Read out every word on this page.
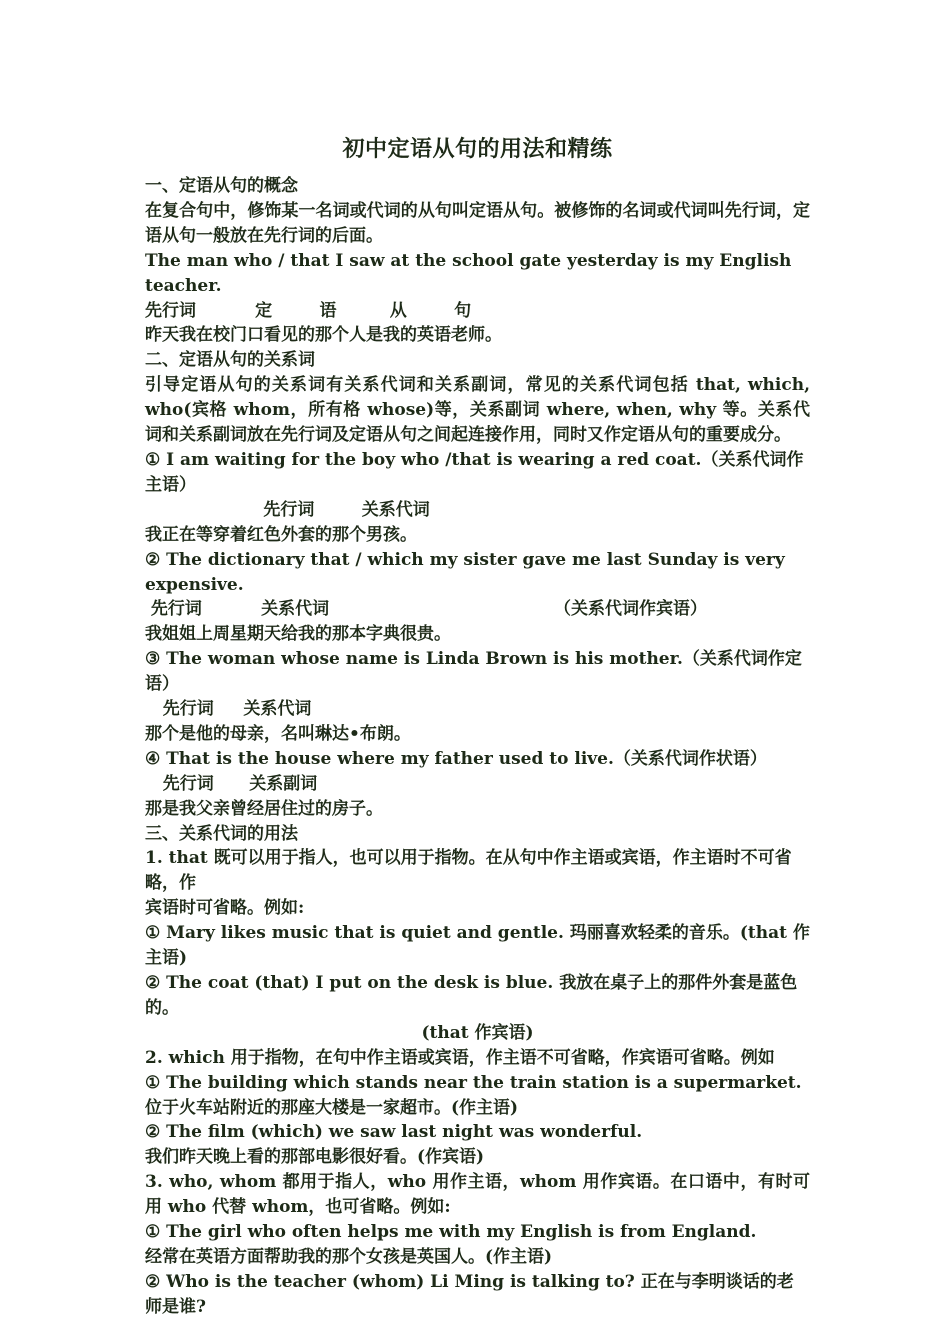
初中定语从句的用法和精练

一、定语从句的概念

在复合句中，修饰某一名词或代词的从句叫定语从句。被修饰的名词或代词叫先行词，定语从句一般放在先行词的后面。

The man who / that I saw at the school gate yesterday is my English teacher.

先行词          定        语         从        句

昨天我在校门口看见的那个人是我的英语老师。

二、定语从句的关系词

引导定语从句的关系词有关系代词和关系副词，常见的关系代词包括 that, which, who(宾格 whom，所有格 whose)等，关系副词 where, when, why 等。关系代词和关系副词放在先行词及定语从句之间起连接作用，同时又作定语从句的重要成分。

① I am waiting for the boy who /that is wearing a red coat.（关系代词作主语）

先行词        关系代词

我正在等穿着红色外套的那个男孩。

② The dictionary that / which my sister gave me last Sunday is very expensive.

先行词          关系代词                                      （关系代词作宾语）

我姐姐上周星期天给我的那本字典很贵。

③ The woman whose name is Linda Brown is his mother.（关系代词作定语）

先行词     关系代词

那个是他的母亲，名叫琳达•布朗。

④ That is the house where my father used to live.（关系代词作状语）

先行词      关系副词

那是我父亲曾经居住过的房子。

三、关系代词的用法

1. that 既可以用于指人，也可以用于指物。在从句中作主语或宾语，作主语时不可省略，作

宾语时可省略。例如:

① Mary likes music that is quiet and gentle. 玛丽喜欢轻柔的音乐。(that 作主语)

② The coat (that) I put on the desk is blue. 我放在桌子上的那件外套是蓝色的。

(that 作宾语)

2. which 用于指物，在句中作主语或宾语，作主语不可省略，作宾语可省略。例如

① The building which stands near the train station is a supermarket.

位于火车站附近的那座大楼是一家超市。(作主语)

② The film (which) we saw last night was wonderful.

我们昨天晚上看的那部电影很好看。(作宾语)

3. who, whom 都用于指人，who 用作主语，whom 用作宾语。在口语中，有时可用 who 代替 whom，也可省略。例如:

① The girl who often helps me with my English is from England.

经常在英语方面帮助我的那个女孩是英国人。(作主语)

② Who is the teacher (whom) Li Ming is talking to? 正在与李明谈话的老师是谁?
